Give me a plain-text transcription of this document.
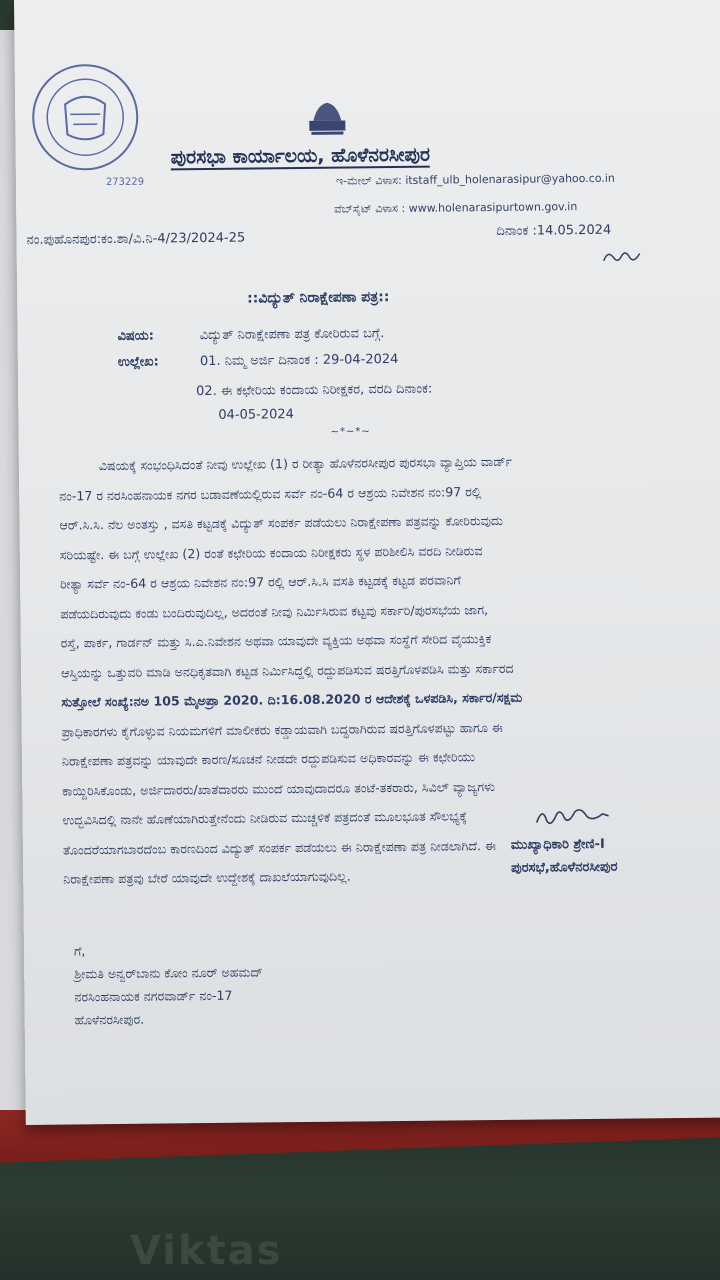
Viktas
273229
ಪುರಸಭಾ ಕಾರ್ಯಾಲಯ, ಹೊಳೆನರಸೀಪುರ
ಇ-ಮೇಲ್ ವಿಳಾಸ: itstaff_ulb_holenarasipur@yahoo.co.in
ವೆಬ್‌ಸೈಟ್ ವಿಳಾಸ : www.holenarasipurtown.gov.in
ನಂ.ಪುಹೊನಪುರ:ಕಂ.ಶಾ/ವಿ.ನಿ-4/23/2024-25	ದಿನಾಂಕ :14.05.2024
::ವಿದ್ಯುತ್ ನಿರಾಕ್ಷೇಪಣಾ ಪತ್ರ::
ವಿಷಯ:	ವಿದ್ಯುತ್ ನಿರಾಕ್ಷೇಪಣಾ ಪತ್ರ ಕೋರಿರುವ ಬಗ್ಗೆ.
ಉಲ್ಲೇಖ:	01. ನಿಮ್ಮ ಅರ್ಜಿ ದಿನಾಂಕ : 29-04-2024
02. ಈ ಕಛೇರಿಯ ಕಂದಾಯ ನಿರೀಕ್ಷಕರ, ವರದಿ ದಿನಾಂಕ:
04-05-2024
~*~*~
ವಿಷಯಕ್ಕೆ ಸಂಭಂಧಿಸಿದಂತೆ ನೀವು ಉಲ್ಲೇಖ (1) ರ ರೀತ್ಯಾ ಹೊಳೆನರಸೀಪುರ ಪುರಸಭಾ ವ್ಯಾಪ್ತಿಯ ವಾರ್ಡ್
ನಂ-17 ರ ನರಸಿಂಹನಾಯಕ ನಗರ ಬಡಾವಣೆಯಲ್ಲಿರುವ ಸರ್ವೆ ನಂ-64 ರ ಆಶ್ರಯ ನಿವೇಶನ ನಂ:97 ರಲ್ಲಿ
ಆರ್.ಸಿ.ಸಿ. ನೆಲ ಅಂತಸ್ತು , ವಸತಿ ಕಟ್ಟಡಕ್ಕೆ ವಿದ್ಯುತ್ ಸಂಪರ್ಕ ಪಡೆಯಲು ನಿರಾಕ್ಷೇಪಣಾ ಪತ್ರವನ್ನು ಕೋರಿರುವುದು
ಸರಿಯಷ್ಟೇ. ಈ ಬಗ್ಗೆ ಉಲ್ಲೇಖ (2) ರಂತೆ ಕಛೇರಿಯ ಕಂದಾಯ ನಿರೀಕ್ಷಕರು ಸ್ಥಳ ಪರಿಶೀಲಿಸಿ ವರದಿ ನೀಡಿರುವ
ರೀತ್ಯಾ ಸರ್ವೆ ನಂ-64 ರ ಆಶ್ರಯ ನಿವೇಶನ ನಂ:97 ರಲ್ಲಿ ಆರ್.ಸಿ.ಸಿ ವಸತಿ ಕಟ್ಟಡಕ್ಕೆ ಕಟ್ಟಡ ಪರವಾನಿಗೆ
ಪಡೆಯದಿರುವುದು ಕಂಡು ಬಂದಿರುವುದಿಲ್ಲ, ಅದರಂತೆ ನೀವು ನಿರ್ಮಿಸಿರುವ ಕಟ್ಟವು ಸರ್ಕಾರಿ/ಪುರಸಭೆಯ ಜಾಗ,
ರಸ್ತೆ, ಪಾರ್ಕ, ಗಾರ್ಡನ್ ಮತ್ತು ಸಿ.ಎ.ನಿವೇಶನ ಅಥವಾ ಯಾವುದೇ ವ್ಯಕ್ತಿಯ ಅಥವಾ ಸಂಸ್ಥೆಗೆ ಸೇರಿದ ವೈಯುಕ್ತಿಕ
ಆಸ್ತಿಯನ್ನು ಒತ್ತುವರಿ ಮಾಡಿ ಅನಧಿಕೃತವಾಗಿ ಕಟ್ಟಡ ನಿರ್ಮಿಸಿದ್ದಲ್ಲಿ ರದ್ದುಪಡಿಸುವ ಷರತ್ತಿಗೊಳಪಡಿಸಿ ಮತ್ತು ಸರ್ಕಾರದ
ಸುತ್ತೋಲೆ ಸಂಖ್ಯೆ:ನಅ 105 ಮೈಅಪ್ರಾ 2020. ದಿ:16.08.2020 ರ ಆದೇಶಕ್ಕೆ ಒಳಪಡಿಸಿ, ಸರ್ಕಾರ/ಸಕ್ಷಮ
ಪ್ರಾಧಿಕಾರಗಳು ಕೈಗೊಳ್ಳುವ ನಿಯಮಗಳಿಗೆ ಮಾಲೀಕರು ಕಡ್ಡಾಯವಾಗಿ ಬದ್ಧರಾಗಿರುವ ಷರತ್ತಿಗೊಳಪಟ್ಟು ಹಾಗೂ ಈ
ನಿರಾಕ್ಷೇಪಣಾ ಪತ್ರವನ್ನು ಯಾವುದೇ ಕಾರಣ/ಸೂಚನೆ ನೀಡದೇ ರದ್ದುಪಡಿಸುವ ಅಧಿಕಾರವನ್ನು ಈ ಕಛೇರಿಯು
ಕಾಯ್ದಿರಿಸಿಕೊಂಡು, ಅರ್ಜಿದಾರರು/ಖಾತೆದಾರರು ಮುಂದೆ ಯಾವುದಾದರೂ ತಂಟೆ-ತಕರಾರು, ಸಿವಿಲ್ ವ್ಯಾಜ್ಯಗಳು
ಉದ್ಭವಿಸಿದಲ್ಲಿ ನಾನೇ ಹೊಣೆಯಾಗಿರುತ್ತೇನೆಂದು ನೀಡಿರುವ ಮುಚ್ಚಳಿಕೆ ಪತ್ರದಂತೆ ಮೂಲಭೂತ ಸೌಲಭ್ಯಕ್ಕೆ
ತೊಂದರೆಯಾಗಬಾರದೆಂಬ ಕಾರಣದಿಂದ ವಿದ್ಯುತ್ ಸಂಪರ್ಕ ಪಡೆಯಲು ಈ ನಿರಾಕ್ಷೇಪಣಾ ಪತ್ರ ನೀಡಲಾಗಿದೆ. ಈ
ನಿರಾಕ್ಷೇಪಣಾ ಪತ್ರವು ಬೇರೆ ಯಾವುದೇ ಉದ್ದೇಶಕ್ಕೆ ದಾಖಲೆಯಾಗುವುದಿಲ್ಲ.
ಮುಖ್ಯಾಧಿಕಾರಿ ಶ್ರೇಣಿ-I
ಪುರಸಭೆ,ಹೊಳೆನರಸೀಪುರ
ಗೆ,
ಶ್ರೀಮತಿ ಅನ್ವರ್‌ಬಾನು ಕೋಂ ನೂರ್ ಅಹಮದ್
ನರಸಿಂಹನಾಯಕ ನಗರವಾರ್ಡ್ ನಂ-17
ಹೊಳೆನರಸೀಪುರ.
